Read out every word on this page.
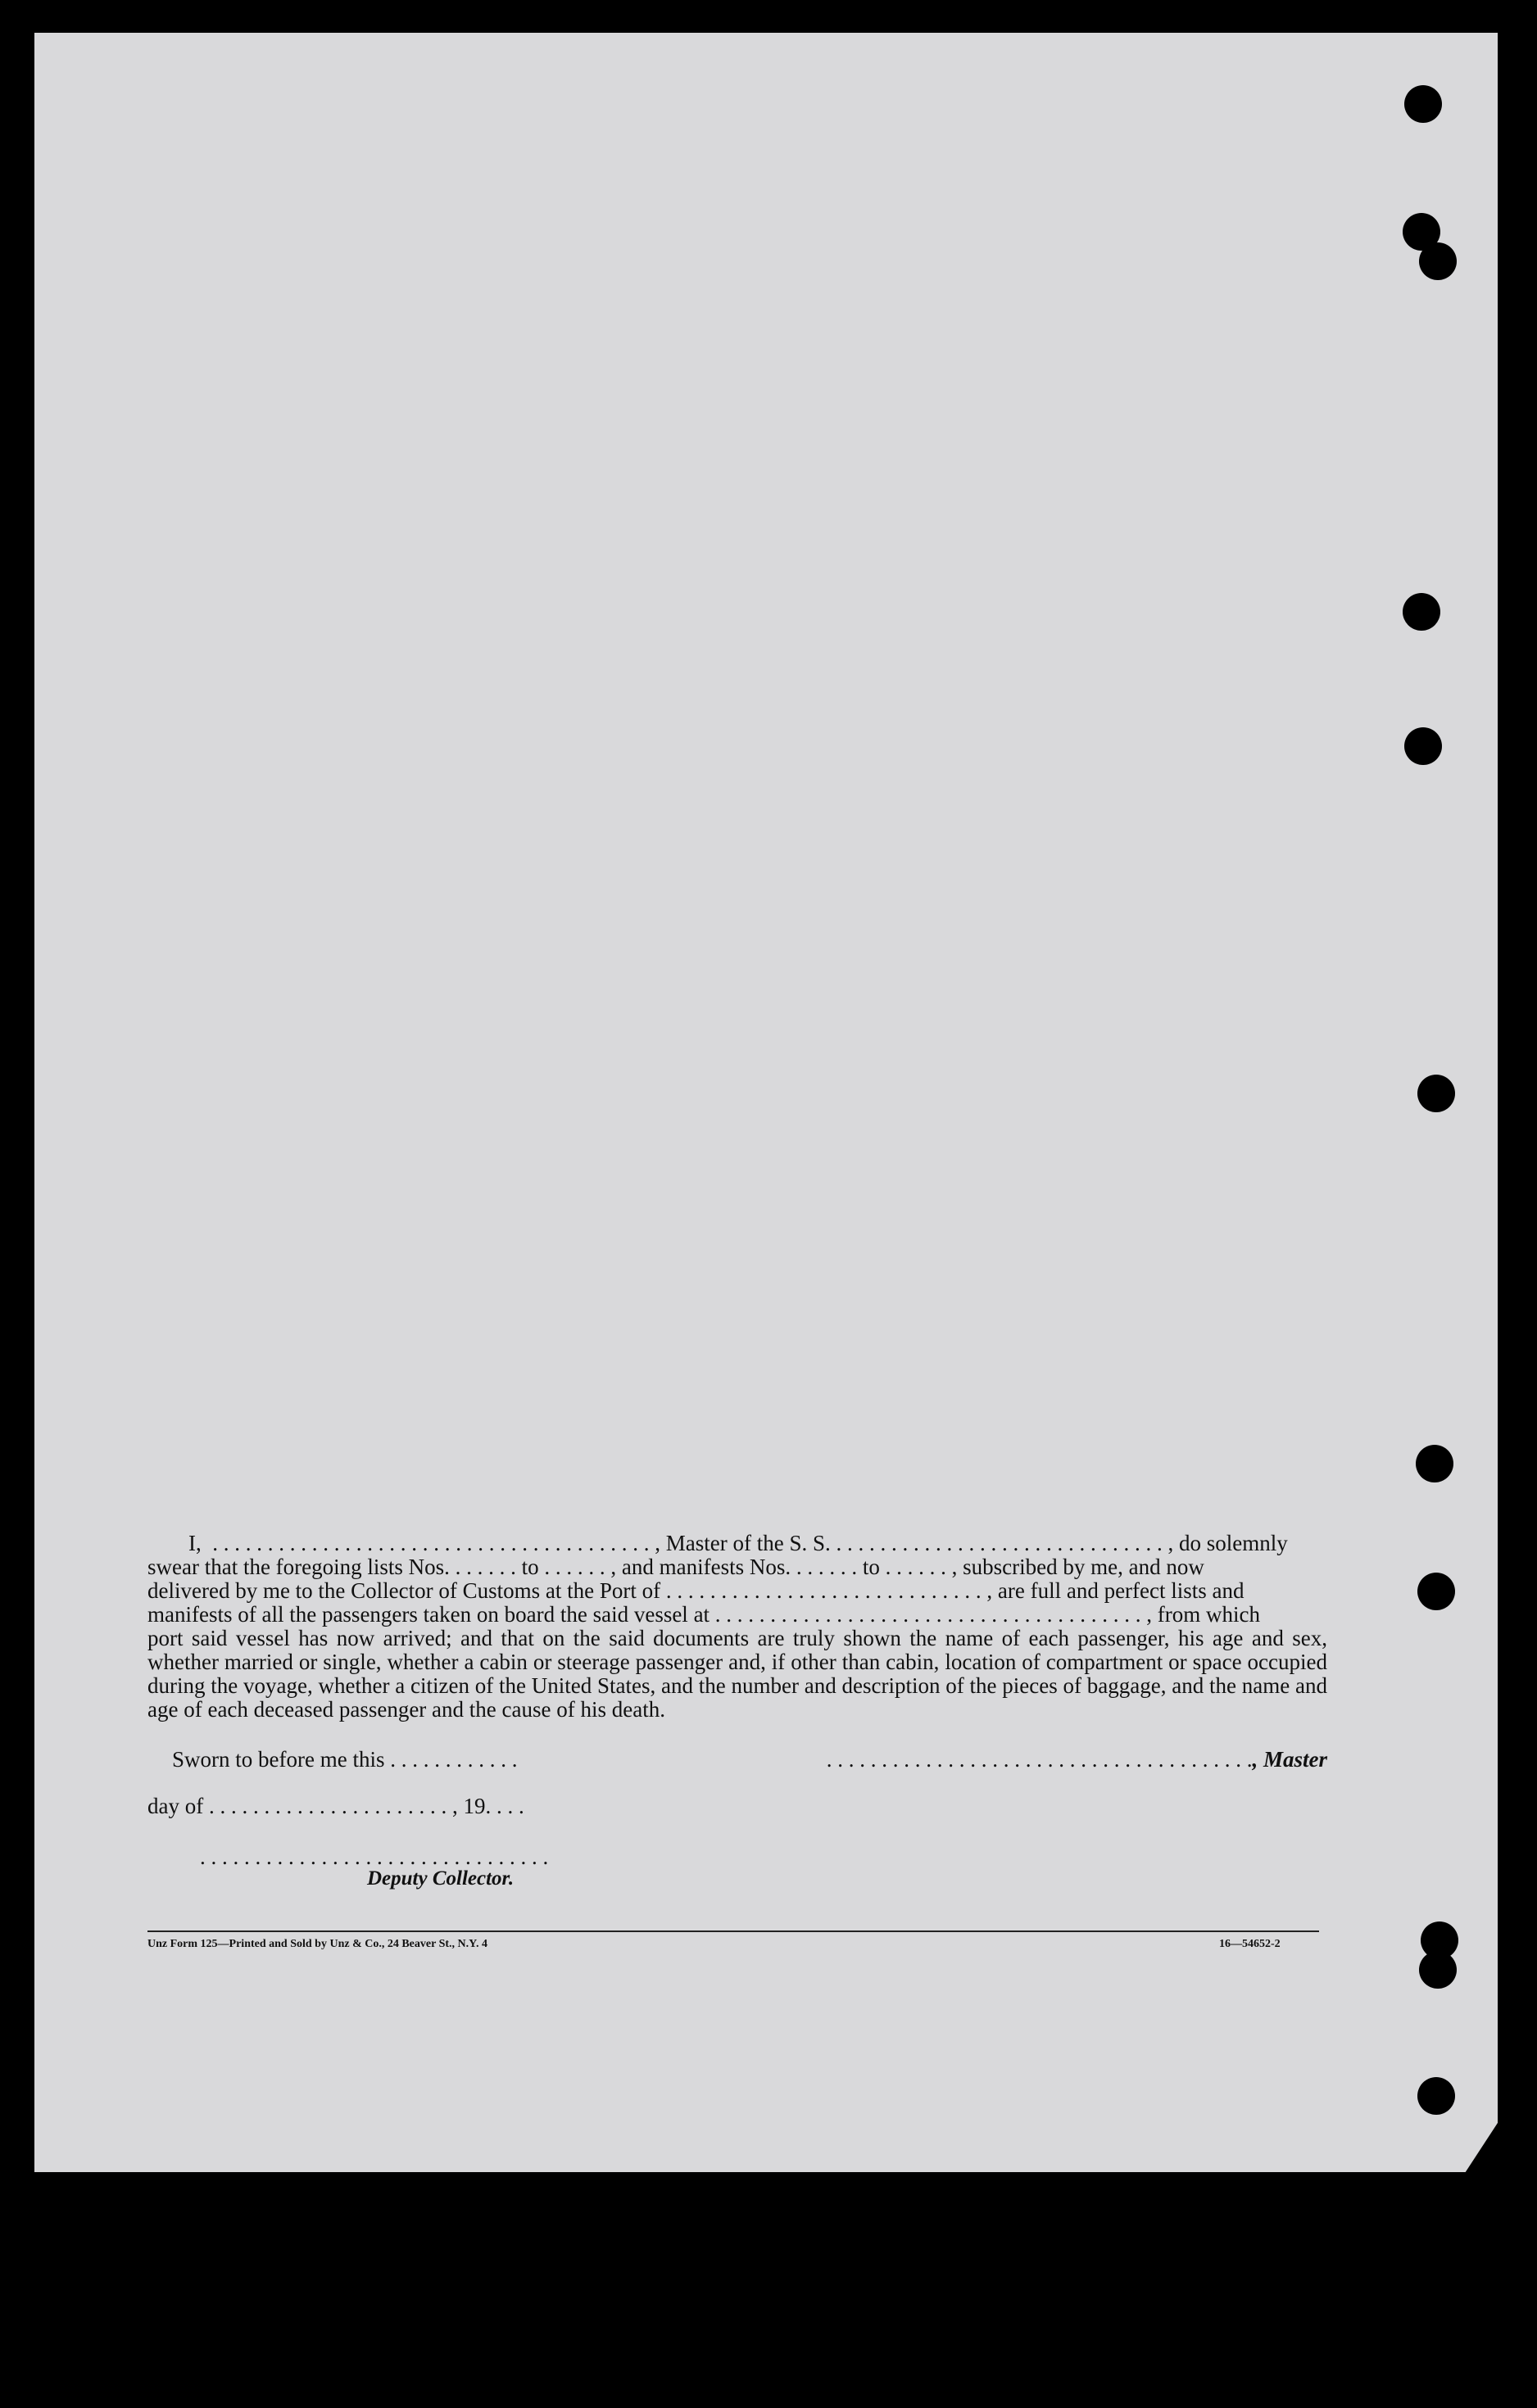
I,  . . . . . . . . . . . . . . . . . . . . . . . . . . . . . . . . . . . . . . . . , Master of the S. S. . . . . . . . . . . . . . . . . . . . . . . . . . . . . . . , do solemnly
swear that the foregoing lists Nos. . . . . . . to . . . . . . , and manifests Nos. . . . . . . to . . . . . . , subscribed by me, and now
delivered by me to the Collector of Customs at the Port of . . . . . . . . . . . . . . . . . . . . . . . . . . . . . , are full and perfect lists and
manifests of all the passengers taken on board the said vessel at . . . . . . . . . . . . . . . . . . . . . . . . . . . . . . . . . . . . . . . , from which
port said vessel has now arrived; and that on the said documents are truly shown the name of each passenger, his age and sex, whether married or single, whether a cabin or steerage passenger and, if other than cabin, location of compartment or space occupied during the voyage, whether a citizen of the United States, and the number and description of the pieces of baggage, and the name and age of each deceased passenger and the cause of his death.
Sworn to before me this . . . . . . . . . . . .	. . . . . . . . . . . . . . . . . . . . . . . . . . . . . . . . . . . . . . ., Master
day of . . . . . . . . . . . . . . . . . . . . . . , 19. . . .
. . . . . . . . . . . . . . . . . . . . . . . . . . . . . . . .
Deputy Collector.
Unz Form 125—Printed and Sold by Unz & Co., 24 Beaver St., N.Y. 4	16—54652-2
